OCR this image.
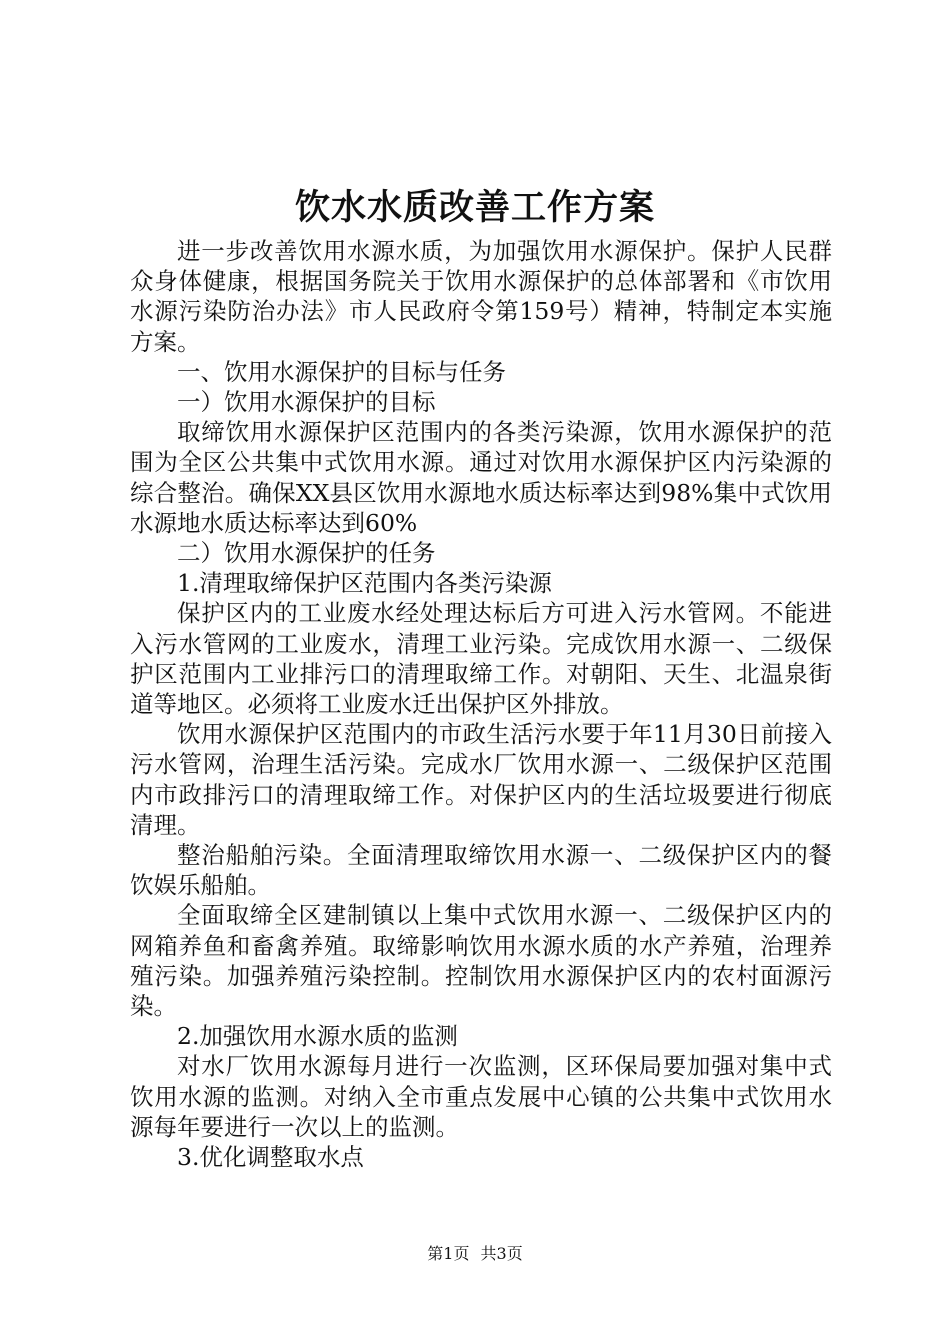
饮水水质改善工作方案

进一步改善饮用水源水质，为加强饮用水源保护。保护人民群众身体健康，根据国务院关于饮用水源保护的总体部署和《市饮用水源污染防治办法》市人民政府令第159号）精神，特制定本实施方案。

一、饮用水源保护的目标与任务

一）饮用水源保护的目标

取缔饮用水源保护区范围内的各类污染源，饮用水源保护的范围为全区公共集中式饮用水源。通过对饮用水源保护区内污染源的综合整治。确保XX县区饮用水源地水质达标率达到98%集中式饮用水源地水质达标率达到60%

二）饮用水源保护的任务

1.清理取缔保护区范围内各类污染源

保护区内的工业废水经处理达标后方可进入污水管网。不能进入污水管网的工业废水，清理工业污染。完成饮用水源一、二级保护区范围内工业排污口的清理取缔工作。对朝阳、天生、北温泉街道等地区。必须将工业废水迁出保护区外排放。

饮用水源保护区范围内的市政生活污水要于年11月30日前接入污水管网，治理生活污染。完成水厂饮用水源一、二级保护区范围内市政排污口的清理取缔工作。对保护区内的生活垃圾要进行彻底清理。

整治船舶污染。全面清理取缔饮用水源一、二级保护区内的餐饮娱乐船舶。

全面取缔全区建制镇以上集中式饮用水源一、二级保护区内的网箱养鱼和畜禽养殖。取缔影响饮用水源水质的水产养殖，治理养殖污染。加强养殖污染控制。控制饮用水源保护区内的农村面源污染。

2.加强饮用水源水质的监测

对水厂饮用水源每月进行一次监测，区环保局要加强对集中式饮用水源的监测。对纳入全市重点发展中心镇的公共集中式饮用水源每年要进行一次以上的监测。

3.优化调整取水点

第1页 共3页
